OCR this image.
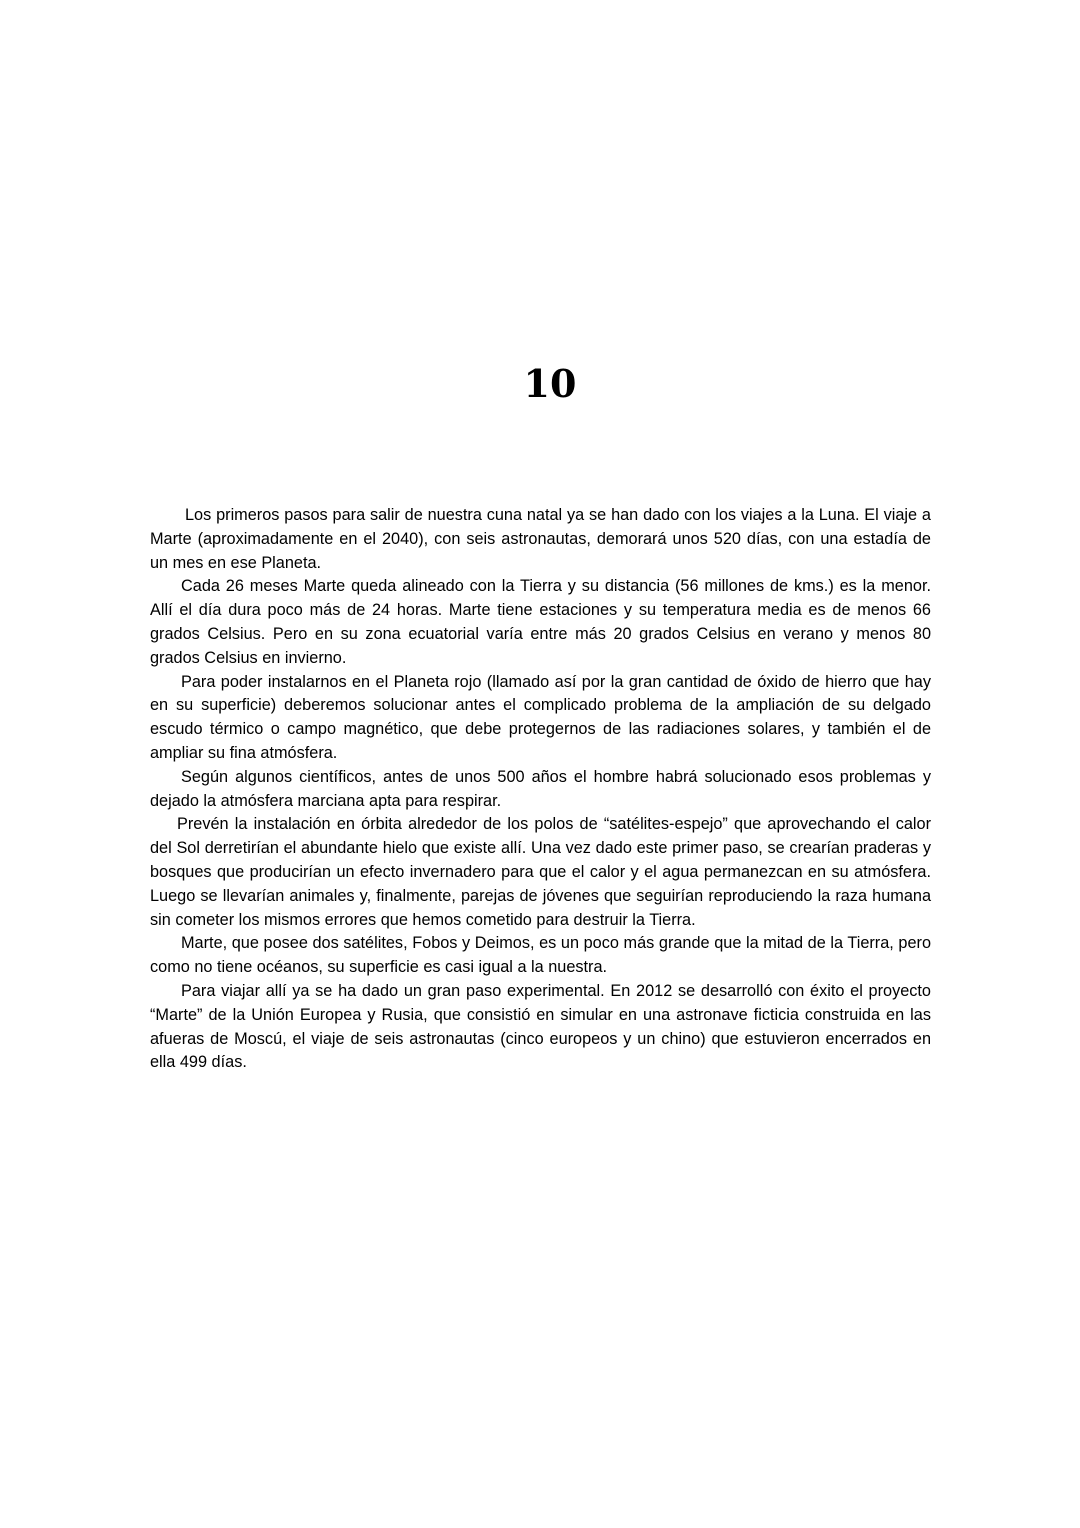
10

Los primeros pasos para salir de nuestra cuna natal ya se han dado con los viajes a la Luna. El viaje a Marte (aproximadamente en el 2040), con seis astronautas, demorará unos 520 días, con una estadía de un mes en ese Planeta.

Cada 26 meses Marte queda alineado con la Tierra y su distancia (56 millones de kms.) es la menor. Allí el día dura poco más de 24 horas. Marte tiene estaciones y su temperatura media es de menos 66 grados Celsius. Pero en su zona ecuatorial varía entre más 20 grados Celsius en verano y menos 80 grados Celsius en invierno.

Para poder instalarnos en el Planeta rojo (llamado así por la gran cantidad de óxido de hierro que hay en su superficie) deberemos solucionar antes el complicado problema de la ampliación de su delgado escudo térmico o campo magnético, que debe protegernos de las radiaciones solares, y también el de ampliar su fina atmósfera.

Según algunos científicos, antes de unos 500 años el hombre habrá solucionado esos problemas y dejado la atmósfera marciana apta para respirar.

Prevén la instalación en órbita alrededor de los polos de “satélites-espejo” que aprovechando el calor del Sol derretirían el abundante hielo que existe allí. Una vez dado este primer paso, se crearían praderas y bosques que producirían un efecto invernadero para que el calor y el agua permanezcan en su atmósfera. Luego se llevarían animales y, finalmente, parejas de jóvenes que seguirían reproduciendo la raza humana sin cometer los mismos errores que hemos cometido para destruir la Tierra.

Marte, que posee dos satélites, Fobos y Deimos, es un poco más grande que la mitad de la Tierra, pero como no tiene océanos, su superficie es casi igual a la nuestra.

Para viajar allí ya se ha dado un gran paso experimental. En 2012 se desarrolló con éxito el proyecto “Marte” de la Unión Europea y Rusia, que consistió en simular en una astronave ficticia construida en las afueras de Moscú, el viaje de seis astronautas (cinco europeos y un chino) que estuvieron encerrados en ella 499 días.
